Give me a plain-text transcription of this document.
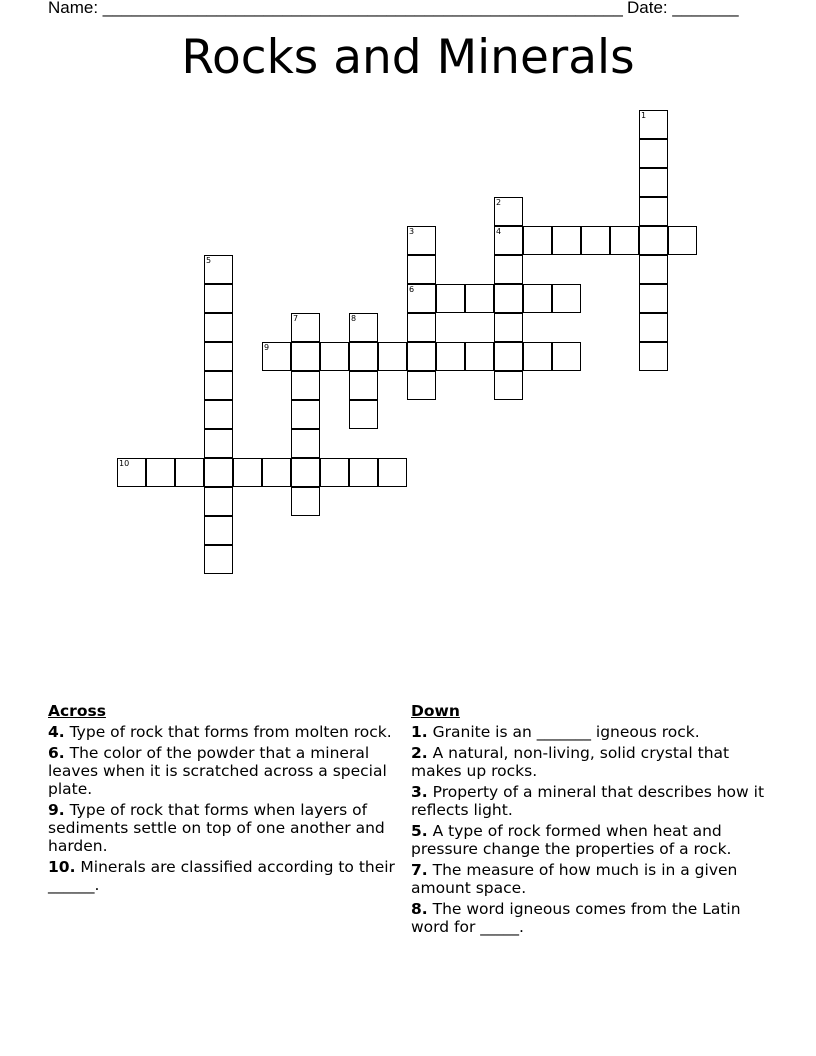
Name: _______________________________________________________ Date: _______
Rocks and Minerals
1
2
4
3
6
5
7	8
9
10
Across
4. Type of rock that forms from molten rock.
6. The color of the powder that a mineral leaves when it is scratched across a special plate.
9. Type of rock that forms when layers of sediments settle on top of one another and harden.
10. Minerals are classified according to their ______.
Down
1. Granite is an _______ igneous rock.
2. A natural, non-living, solid crystal that makes up rocks.
3. Property of a mineral that describes how it reflects light.
5. A type of rock formed when heat and pressure change the properties of a rock.
7. The measure of how much is in a given amount space.
8. The word igneous comes from the Latin word for _____.
